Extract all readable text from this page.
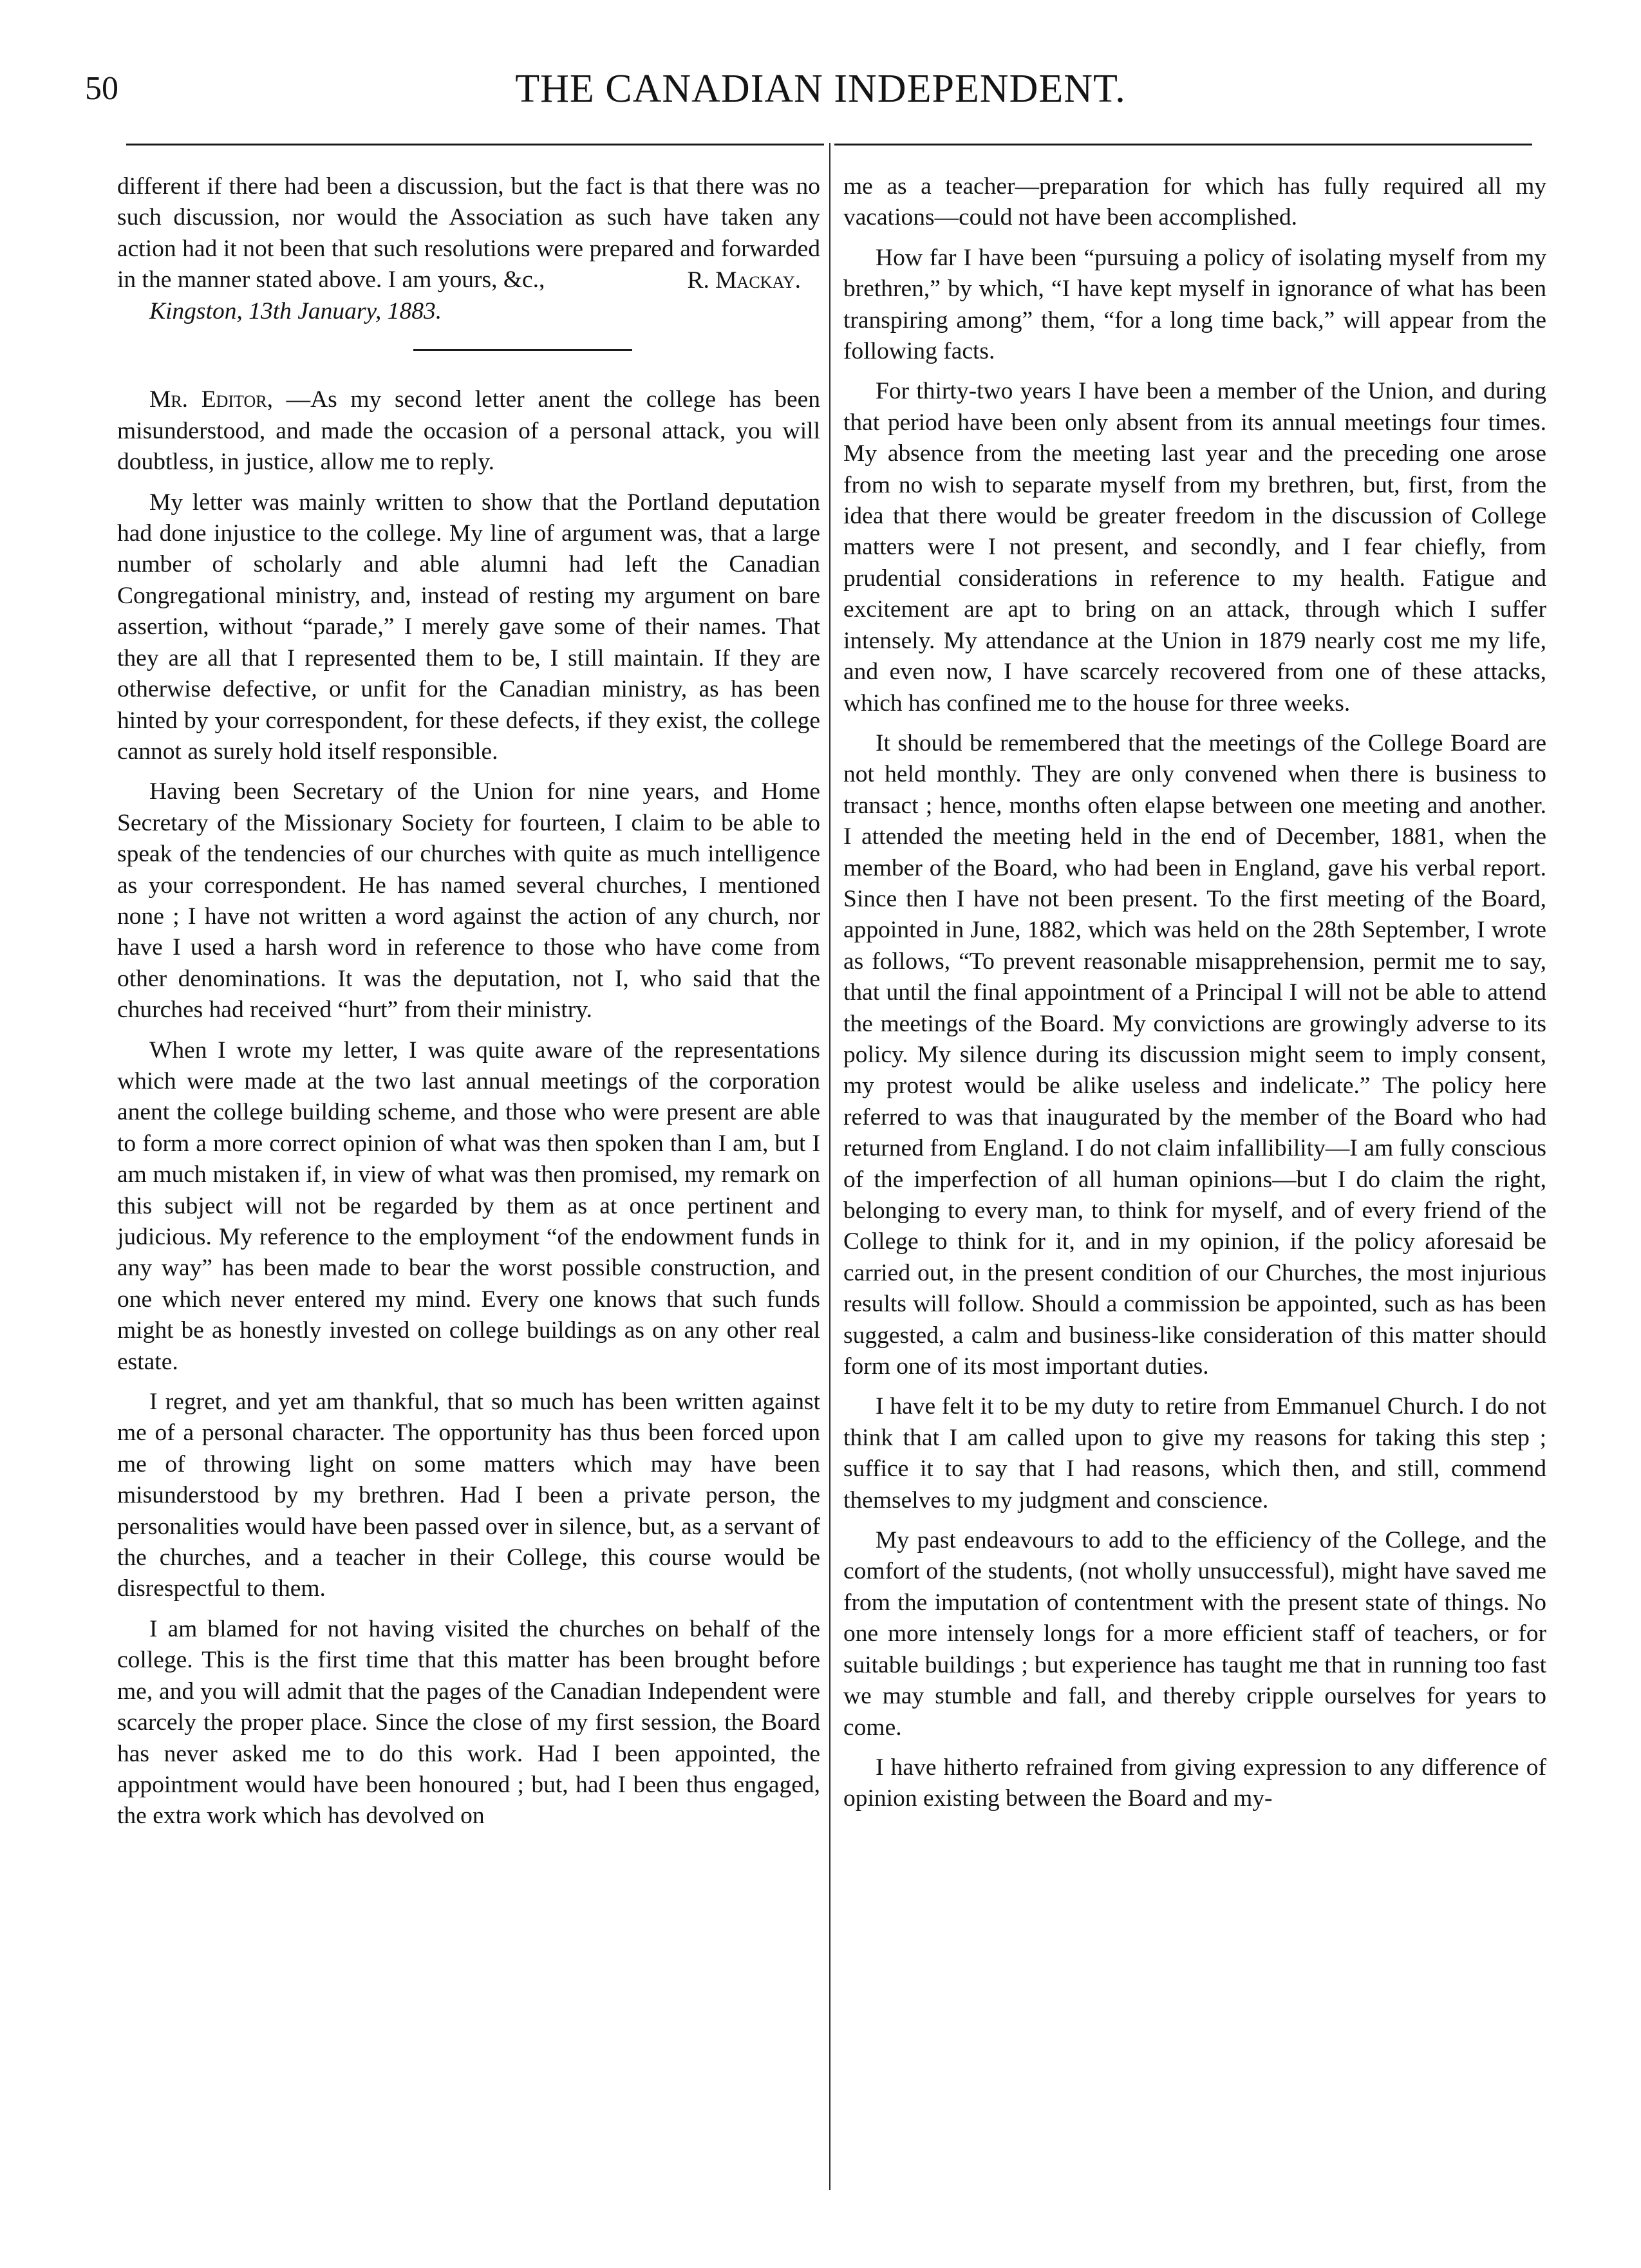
50	THE CANADIAN INDEPENDENT.

different if there had been a discussion, but the fact is that there was no such discussion, nor would the Association as such have taken any action had it not been that such resolutions were prepared and forwarded in the manner stated above. I am yours, &c.,	R. Mackay.
Kingston, 13th January, 1883.

Mr. Editor, —As my second letter anent the college has been misunderstood, and made the occasion of a personal attack, you will doubtless, in justice, allow me to reply.

My letter was mainly written to show that the Portland deputation had done injustice to the college. My line of argument was, that a large number of scholarly and able alumni had left the Canadian Congregational ministry, and, instead of resting my argument on bare assertion, without “parade,” I merely gave some of their names. That they are all that I represented them to be, I still maintain. If they are otherwise defective, or unfit for the Canadian ministry, as has been hinted by your correspondent, for these defects, if they exist, the college cannot as surely hold itself responsible.

Having been Secretary of the Union for nine years, and Home Secretary of the Missionary Society for fourteen, I claim to be able to speak of the tendencies of our churches with quite as much intelligence as your correspondent. He has named several churches, I mentioned none ; I have not written a word against the action of any church, nor have I used a harsh word in reference to those who have come from other denominations. It was the deputation, not I, who said that the churches had received “hurt” from their ministry.

When I wrote my letter, I was quite aware of the representations which were made at the two last annual meetings of the corporation anent the college building scheme, and those who were present are able to form a more correct opinion of what was then spoken than I am, but I am much mistaken if, in view of what was then promised, my remark on this subject will not be regarded by them as at once pertinent and judicious. My reference to the employment “of the endowment funds in any way” has been made to bear the worst possible construction, and one which never entered my mind. Every one knows that such funds might be as honestly invested on college buildings as on any other real estate.

I regret, and yet am thankful, that so much has been written against me of a personal character. The opportunity has thus been forced upon me of throwing light on some matters which may have been misunderstood by my brethren. Had I been a private person, the personalities would have been passed over in silence, but, as a servant of the churches, and a teacher in their College, this course would be disrespectful to them.

I am blamed for not having visited the churches on behalf of the college. This is the first time that this matter has been brought before me, and you will admit that the pages of the Canadian Independent were scarcely the proper place. Since the close of my first session, the Board has never asked me to do this work. Had I been appointed, the appointment would have been honoured ; but, had I been thus engaged, the extra work which has devolved on

me as a teacher—preparation for which has fully required all my vacations—could not have been accomplished.

How far I have been “pursuing a policy of isolating myself from my brethren,” by which, “I have kept myself in ignorance of what has been transpiring among” them, “for a long time back,” will appear from the following facts.

For thirty-two years I have been a member of the Union, and during that period have been only absent from its annual meetings four times. My absence from the meeting last year and the preceding one arose from no wish to separate myself from my brethren, but, first, from the idea that there would be greater freedom in the discussion of College matters were I not present, and secondly, and I fear chiefly, from prudential considerations in reference to my health. Fatigue and excitement are apt to bring on an attack, through which I suffer intensely. My attendance at the Union in 1879 nearly cost me my life, and even now, I have scarcely recovered from one of these attacks, which has confined me to the house for three weeks.

It should be remembered that the meetings of the College Board are not held monthly. They are only convened when there is business to transact ; hence, months often elapse between one meeting and another. I attended the meeting held in the end of December, 1881, when the member of the Board, who had been in England, gave his verbal report. Since then I have not been present. To the first meeting of the Board, appointed in June, 1882, which was held on the 28th September, I wrote as follows, “To prevent reasonable misapprehension, permit me to say, that until the final appointment of a Principal I will not be able to attend the meetings of the Board. My convictions are growingly adverse to its policy. My silence during its discussion might seem to imply consent, my protest would be alike useless and indelicate.” The policy here referred to was that inaugurated by the member of the Board who had returned from England. I do not claim infallibility—I am fully conscious of the imperfection of all human opinions—but I do claim the right, belonging to every man, to think for myself, and of every friend of the College to think for it, and in my opinion, if the policy aforesaid be carried out, in the present condition of our Churches, the most injurious results will follow. Should a commission be appointed, such as has been suggested, a calm and business-like consideration of this matter should form one of its most important duties.

I have felt it to be my duty to retire from Emmanuel Church. I do not think that I am called upon to give my reasons for taking this step ; suffice it to say that I had reasons, which then, and still, commend themselves to my judgment and conscience.

My past endeavours to add to the efficiency of the College, and the comfort of the students, (not wholly unsuccessful), might have saved me from the imputation of contentment with the present state of things. No one more intensely longs for a more efficient staff of teachers, or for suitable buildings ; but experience has taught me that in running too fast we may stumble and fall, and thereby cripple ourselves for years to come.

I have hitherto refrained from giving expression to any difference of opinion existing between the Board and my-
